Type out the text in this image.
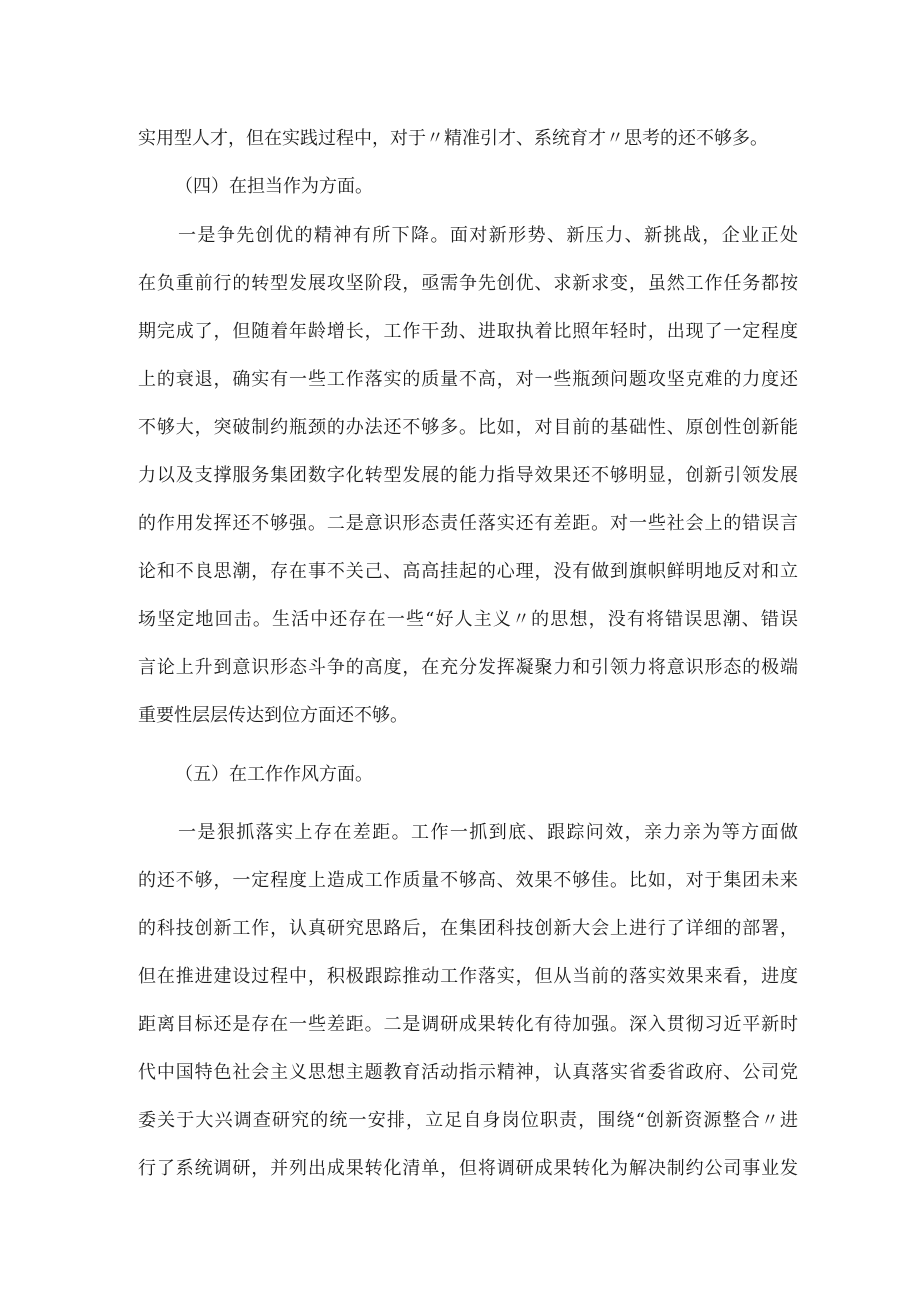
实用型人才，但在实践过程中，对于〃精准引才、系统育才〃思考的还不够多。
（四）在担当作为方面。
一是争先创优的精神有所下降。面对新形势、新压力、新挑战，企业正处
在负重前行的转型发展攻坚阶段，亟需争先创优、求新求变，虽然工作任务都按
期完成了，但随着年龄增长，工作干劲、进取执着比照年轻时，出现了一定程度
上的衰退，确实有一些工作落实的质量不高，对一些瓶颈问题攻坚克难的力度还
不够大，突破制约瓶颈的办法还不够多。比如，对目前的基础性、原创性创新能
力以及支撑服务集团数字化转型发展的能力指导效果还不够明显，创新引领发展
的作用发挥还不够强。二是意识形态责任落实还有差距。对一些社会上的错误言
论和不良思潮，存在事不关己、高高挂起的心理，没有做到旗帜鲜明地反对和立
场坚定地回击。生活中还存在一些“好人主义〃的思想，没有将错误思潮、错误
言论上升到意识形态斗争的高度，在充分发挥凝聚力和引领力将意识形态的极端
重要性层层传达到位方面还不够。
（五）在工作作风方面。
一是狠抓落实上存在差距。工作一抓到底、跟踪问效，亲力亲为等方面做
的还不够，一定程度上造成工作质量不够高、效果不够佳。比如，对于集团未来
的科技创新工作，认真研究思路后，在集团科技创新大会上进行了详细的部署，
但在推进建设过程中，积极跟踪推动工作落实，但从当前的落实效果来看，进度
距离目标还是存在一些差距。二是调研成果转化有待加强。深入贯彻习近平新时
代中国特色社会主义思想主题教育活动指示精神，认真落实省委省政府、公司党
委关于大兴调查研究的统一安排，立足自身岗位职责，围绕“创新资源整合〃进
行了系统调研，并列出成果转化清单，但将调研成果转化为解决制约公司事业发
